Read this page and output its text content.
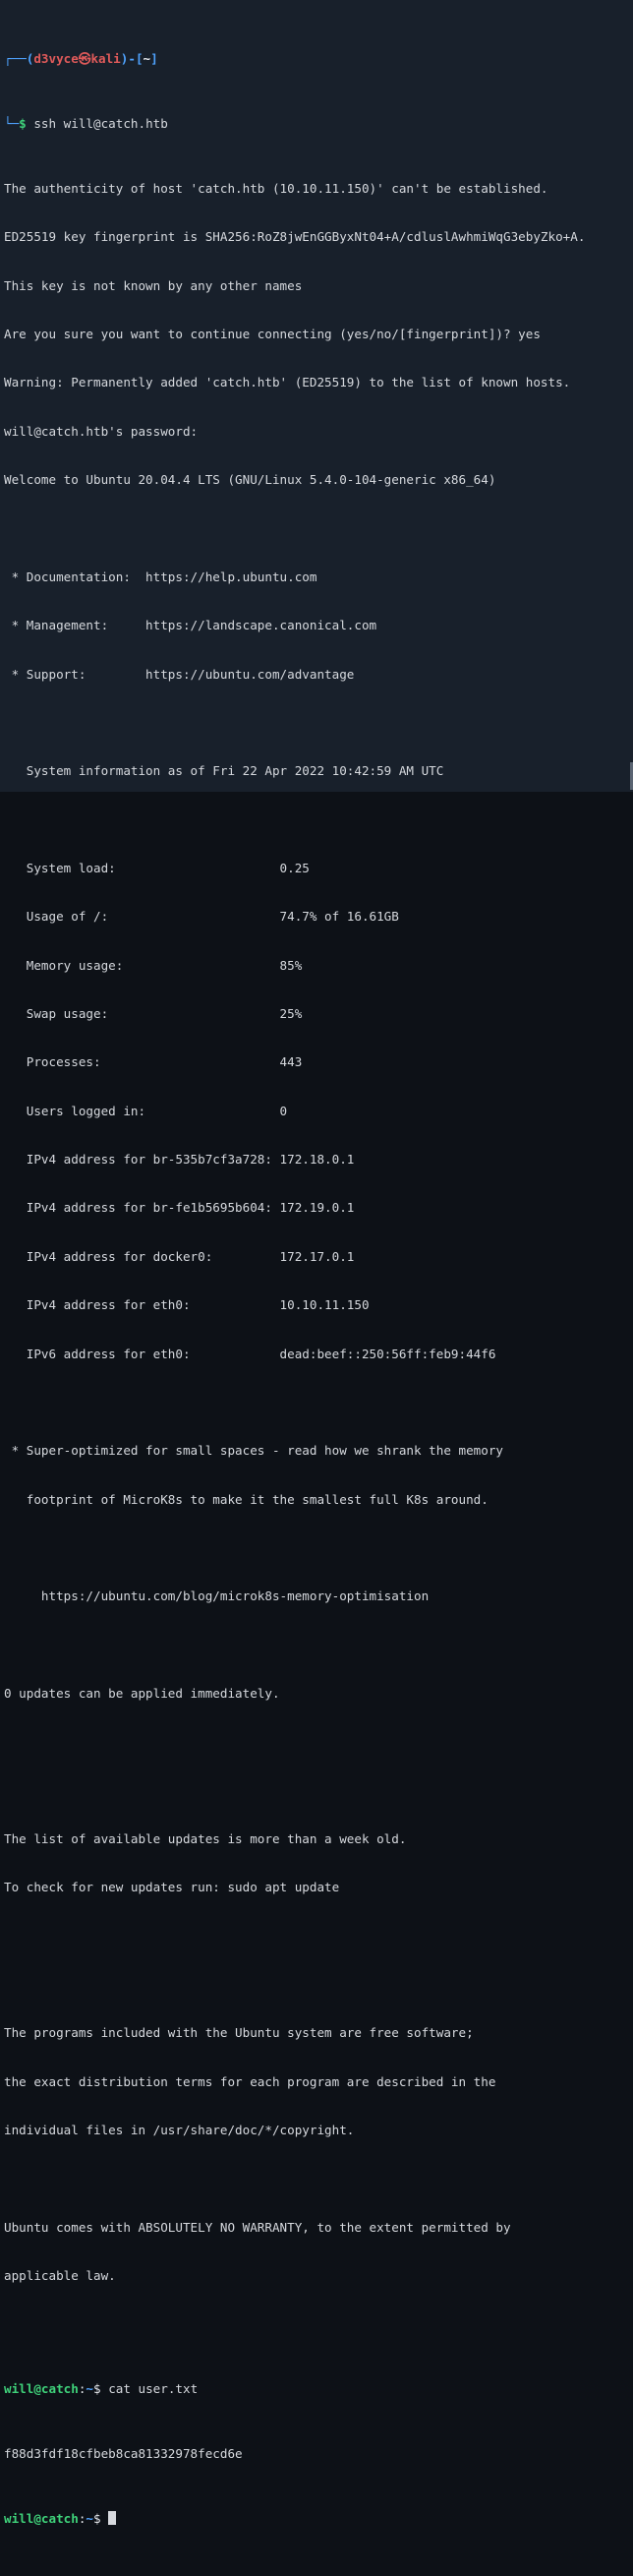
┌──(d3vyce㉿kali)-[~]

└─$ ssh will@catch.htb

The authenticity of host 'catch.htb (10.10.11.150)' can't be established.

ED25519 key fingerprint is SHA256:RoZ8jwEnGGByxNt04+A/cdluslAwhmiWqG3ebyZko+A.

This key is not known by any other names

Are you sure you want to continue connecting (yes/no/[fingerprint])? yes

Warning: Permanently added 'catch.htb' (ED25519) to the list of known hosts.

will@catch.htb's password:

Welcome to Ubuntu 20.04.4 LTS (GNU/Linux 5.4.0-104-generic x86_64)

* Documentation:  https://help.ubuntu.com

* Management:     https://landscape.canonical.com

* Support:        https://ubuntu.com/advantage

System information as of Fri 22 Apr 2022 10:42:59 AM UTC

System load:                      0.25

Usage of /:                       74.7% of 16.61GB

Memory usage:                     85%

Swap usage:                       25%

Processes:                        443

Users logged in:                  0

IPv4 address for br-535b7cf3a728: 172.18.0.1

IPv4 address for br-fe1b5695b604: 172.19.0.1

IPv4 address for docker0:         172.17.0.1

IPv4 address for eth0:            10.10.11.150

IPv6 address for eth0:            dead:beef::250:56ff:feb9:44f6

* Super-optimized for small spaces - read how we shrank the memory

footprint of MicroK8s to make it the smallest full K8s around.

https://ubuntu.com/blog/microk8s-memory-optimisation

0 updates can be applied immediately.

The list of available updates is more than a week old.

To check for new updates run: sudo apt update

The programs included with the Ubuntu system are free software;

the exact distribution terms for each program are described in the

individual files in /usr/share/doc/*/copyright.

Ubuntu comes with ABSOLUTELY NO WARRANTY, to the extent permitted by

applicable law.

will@catch:~$ cat user.txt

f88d3fdf18cfbeb8ca81332978fecd6e

will@catch:~$
